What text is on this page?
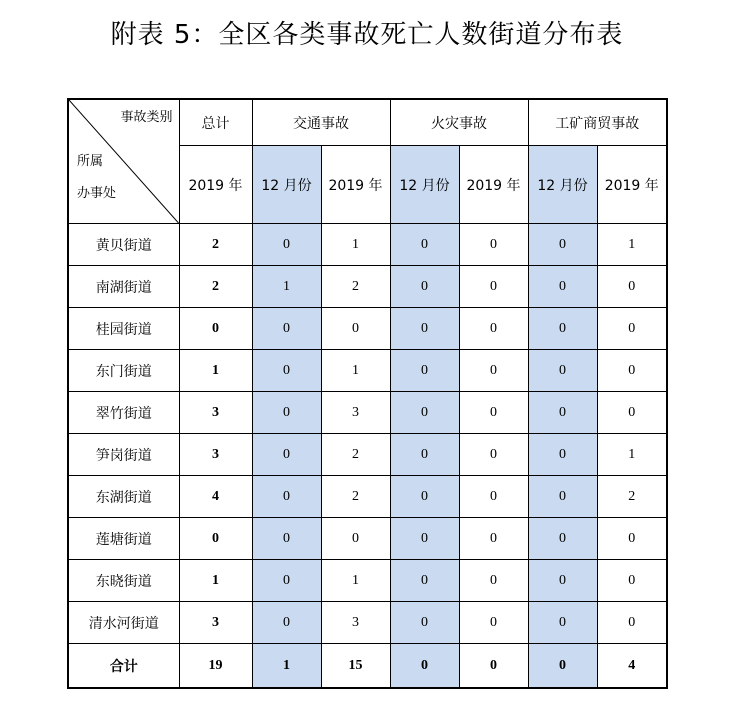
附表 5：全区各类事故死亡人数街道分布表
事故类别
所属
办事处	总计	交通事故		火灾事故		工矿商贸事故	
	2019 年	12 月份	2019 年	12 月份	2019 年	12 月份	2019 年
黄贝街道	2	0	1	0	0	0	1
南湖街道	2	1	2	0	0	0	0
桂园街道	0	0	0	0	0	0	0
东门街道	1	0	1	0	0	0	0
翠竹街道	3	0	3	0	0	0	0
笋岗街道	3	0	2	0	0	0	1
东湖街道	4	0	2	0	0	0	2
莲塘街道	0	0	0	0	0	0	0
东晓街道	1	0	1	0	0	0	0
清水河街道	3	0	3	0	0	0	0
合计	19	1	15	0	0	0	4
